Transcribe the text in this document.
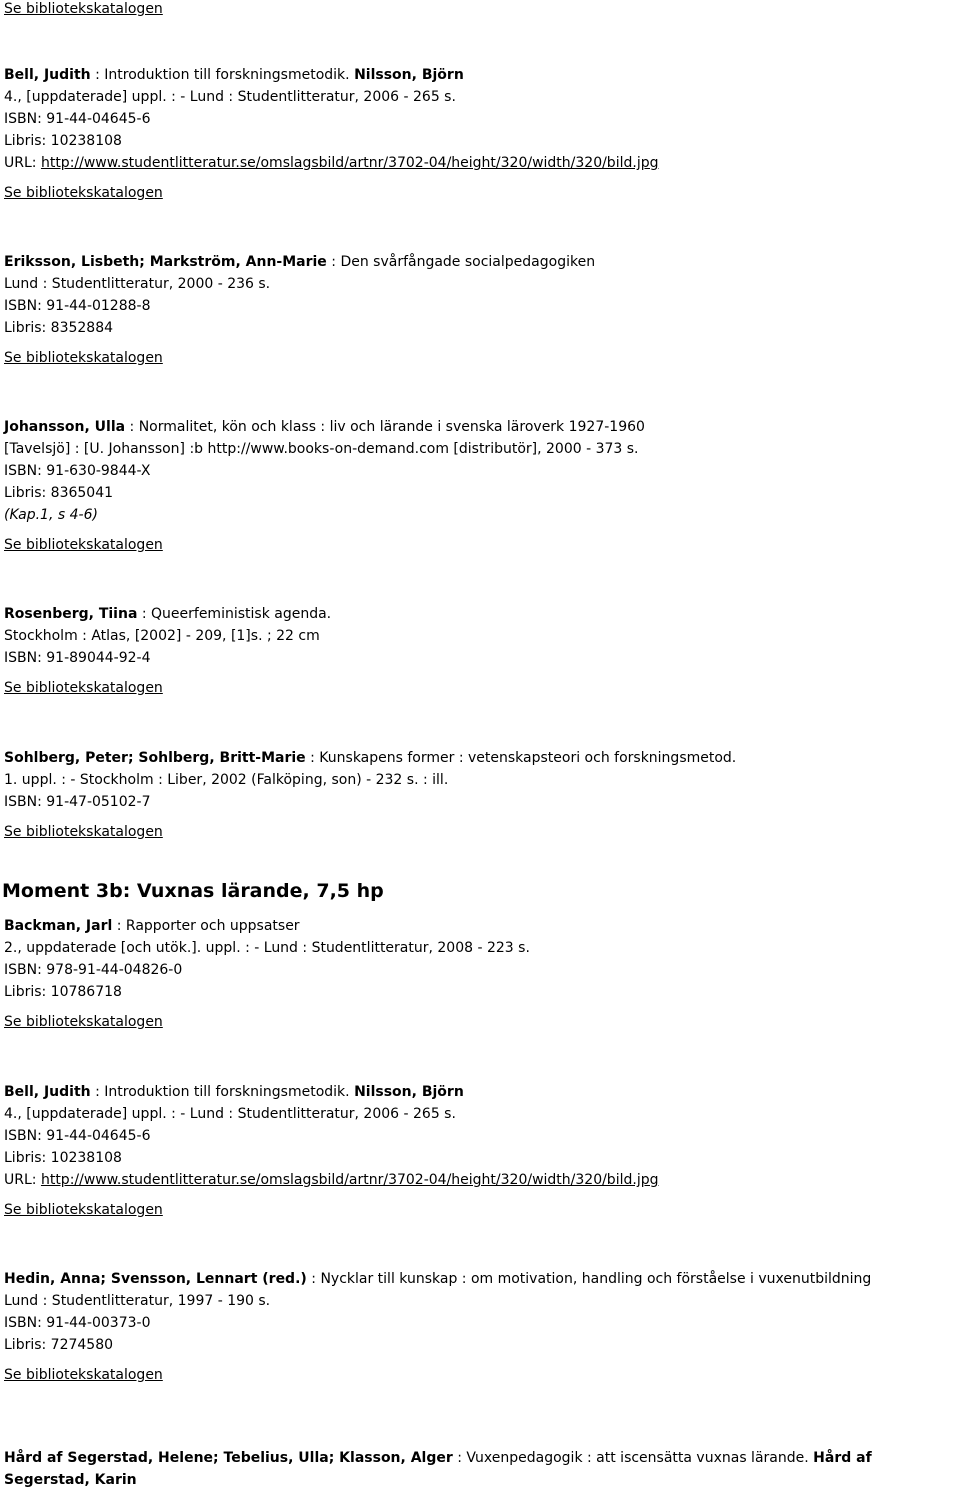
Se bibliotekskatalogen
Bell, Judith : Introduktion till forskningsmetodik. Nilsson, Björn
4., [uppdaterade] uppl. : - Lund : Studentlitteratur, 2006 - 265 s.
ISBN: 91-44-04645-6
Libris: 10238108
URL: http://www.studentlitteratur.se/omslagsbild/artnr/3702-04/height/320/width/320/bild.jpg
Se bibliotekskatalogen
Eriksson, Lisbeth; Markström, Ann-Marie : Den svårfångade socialpedagogiken
Lund : Studentlitteratur, 2000 - 236 s.
ISBN: 91-44-01288-8
Libris: 8352884
Se bibliotekskatalogen
Johansson, Ulla : Normalitet, kön och klass : liv och lärande i svenska läroverk 1927-1960
[Tavelsjö] : [U. Johansson] :b http://www.books-on-demand.com [distributör], 2000 - 373 s.
ISBN: 91-630-9844-X
Libris: 8365041
(Kap.1, s 4-6)
Se bibliotekskatalogen
Rosenberg, Tiina : Queerfeministisk agenda.
Stockholm : Atlas, [2002] - 209, [1]s. ; 22 cm
ISBN: 91-89044-92-4
Se bibliotekskatalogen
Sohlberg, Peter; Sohlberg, Britt-Marie : Kunskapens former : vetenskapsteori och forskningsmetod.
1. uppl. : - Stockholm : Liber, 2002 (Falköping, son) - 232 s. : ill.
ISBN: 91-47-05102-7
Se bibliotekskatalogen
Moment 3b: Vuxnas lärande, 7,5 hp
Backman, Jarl : Rapporter och uppsatser
2., uppdaterade [och utök.]. uppl. : - Lund : Studentlitteratur, 2008 - 223 s.
ISBN: 978-91-44-04826-0
Libris: 10786718
Se bibliotekskatalogen
Bell, Judith : Introduktion till forskningsmetodik. Nilsson, Björn
4., [uppdaterade] uppl. : - Lund : Studentlitteratur, 2006 - 265 s.
ISBN: 91-44-04645-6
Libris: 10238108
URL: http://www.studentlitteratur.se/omslagsbild/artnr/3702-04/height/320/width/320/bild.jpg
Se bibliotekskatalogen
Hedin, Anna; Svensson, Lennart (red.) : Nycklar till kunskap : om motivation, handling och förståelse i vuxenutbildning
Lund : Studentlitteratur, 1997 - 190 s.
ISBN: 91-44-00373-0
Libris: 7274580
Se bibliotekskatalogen
Hård af Segerstad, Helene; Tebelius, Ulla; Klasson, Alger : Vuxenpedagogik : att iscensätta vuxnas lärande. Hård af
Segerstad, Karin
